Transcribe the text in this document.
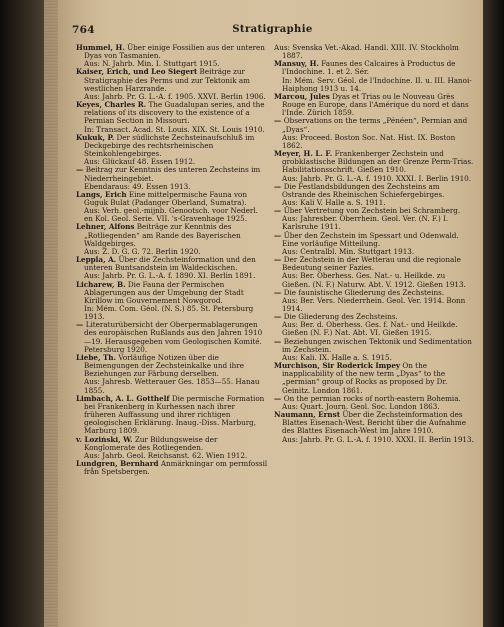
764	Stratigraphie

Hummel, H. Über einige Fossilien aus der unteren Dyas von Tasmanien.
Aus: N. Jahrb. Min. I. Stuttgart 1915.

Kaiser, Erich, und Leo Siegert Beiträge zur Stratigraphie des Perms und zur Tektonik am westlichen Harzrande.
Aus: Jahrb. Pr. G. L.-A. f. 1905. XXVI. Berlin 1906.

Keyes, Charles R. The Guadalupan series, and the relations of its discovery to the existence of a Permian Section in Missouri.
In: Transact. Acad. St. Louis. XIX. St. Louis 1910.

Kukuk, P. Der südlichste Zechsteinaufschluß im Deckgebirge des rechtsrheinischen Steinkohlengebirges.
Aus: Glückauf 48. Essen 1912.

— Beitrag zur Kenntnis des unteren Zechsteins im Niederrheingebiet.
Ebendaraus: 49. Essen 1913.

Langs, Erich Eine mittelpermische Fauna von Guguk Bulat (Padanger Oberland, Sumatra).
Aus: Verh. geol.-mijnb. Genootsch. voor Nederl. en Kol. Geol. Serie. VII. 's-Gravenhage 1925.

Lehner, Alfons Beiträge zur Kenntnis des „Rotliegenden“ am Rande des Bayerischen Waldgebirges.
Aus: Z. D. G. G. 72. Berlin 1920.

Leppla, A. Über die Zechsteinformation und den unteren Buntsandstein im Waldeckischen.
Aus: Jahrb. Pr. G. L.-A. f. 1890. XI. Berlin 1891.

Licharew, B. Die Fauna der Permischen Ablagerungen aus der Umgebung der Stadt Kirillow im Gouvernement Nowgorod.
In: Mém. Com. Géol. (N. S.) 85. St. Petersburg 1913.

— Literaturübersicht der Oberpermablagerungen des europäischen Rußlands aus den Jahren 1910—19. Herausgegeben vom Geologischen Komité. Petersburg 1920.

Liebe, Th. Vorläufige Notizen über die Beimengungen der Zechsteinkalke und ihre Beziehungen zur Färbung derselben.
Aus: Jahresb. Wetterauer Ges. 1853—55. Hanau 1855.

Limbach, A. L. Gotthelf Die permische Formation bei Frankenberg in Kurhessen nach ihrer früheren Auffassung und ihrer richtigen geologischen Erklärung. Inaug.-Diss. Marburg, Marburg 1809.

v. Loziński, W. Zur Bildungsweise der Konglomerate des Rotliegenden.
Aus: Jahrb. Geol. Reichsanst. 62. Wien 1912.

Lundgren, Bernhard Anmärkningar om permfossil från Spetsbergen.

Aus: Svenska Vet.-Akad. Handl. XIII. IV. Stockholm 1887.

Mansuy, H. Faunes des Calcaires à Productus de l'Indochine. 1. et 2. Sér.
In: Mém. Serv. Géol. de l'Indochine. II. u. III. Hanoi-Haiphong 1913 u. 14.

Marcou, Jules Dyas et Trias ou le Nouveau Grès Rouge en Europe, dans l'Amérique du nord et dans l'Inde. Zürich 1859.

— Observations on the terms „Pénéen“, Permian and „Dyas“.
Aus: Proceed. Boston Soc. Nat. Hist. IX. Boston 1862.

Meyer, H. L. F. Frankenberger Zechstein und grobklastische Bildungen an der Grenze Perm-Trias. Habilitationsschrift. Gießen 1910.
Aus: Jahrb. Pr. G. L.-A. f. 1910. XXXI. I. Berlin 1910.

— Die Festlandsbildungen des Zechsteins am Ostrande des Rheinischen Schiefergebirges.
Aus: Kali V. Halle a. S. 1911.

— Über Vertretung von Zechstein bei Schramberg.
Aus: Jahresber. Oberrhein. Geol. Ver. (N. F.) I. Karlsruhe 1911.

— Über den Zechstein im Spessart und Odenwald. Eine vorläufige Mitteilung.
Aus: Centralbl. Min. Stuttgart 1913.

— Der Zechstein in der Wetterau und die regionale Bedeutung seiner Fazies.
Aus: Ber. Oberhess. Ges. Nat.- u. Heilkde. zu Gießen. (N. F.) Naturw. Abt. V. 1912. Gießen 1913.

— Die faunistische Gliederung des Zechsteins.
Aus: Ber. Vers. Niederrhein. Geol. Ver. 1914. Bonn 1914.

— Die Gliederung des Zechsteins.
Aus: Ber. d. Oberhess. Ges. f. Nat.- und Heilkde. Gießen (N. F.) Nat. Abt. VI. Gießen 1915.

— Beziehungen zwischen Tektonik und Sedimentation im Zechstein.
Aus: Kali. IX. Halle a. S. 1915.

Murchison, Sir Roderick Impey On the inapplicability of the new term „Dyas“ to the „permian“ group of Rocks as proposed by Dr. Geinitz. London 1861.

— On the permian rocks of north-eastern Bohemia.
Aus: Quart. Journ. Geol. Soc. London 1863.

Naumann, Ernst Über die Zechsteinformation des Blattes Eisenach-West. Bericht über die Aufnahme des Blattes Eisenach-West im Jahre 1910.
Aus: Jahrb. Pr. G. L.-A. f. 1910. XXXI. II. Berlin 1913.
